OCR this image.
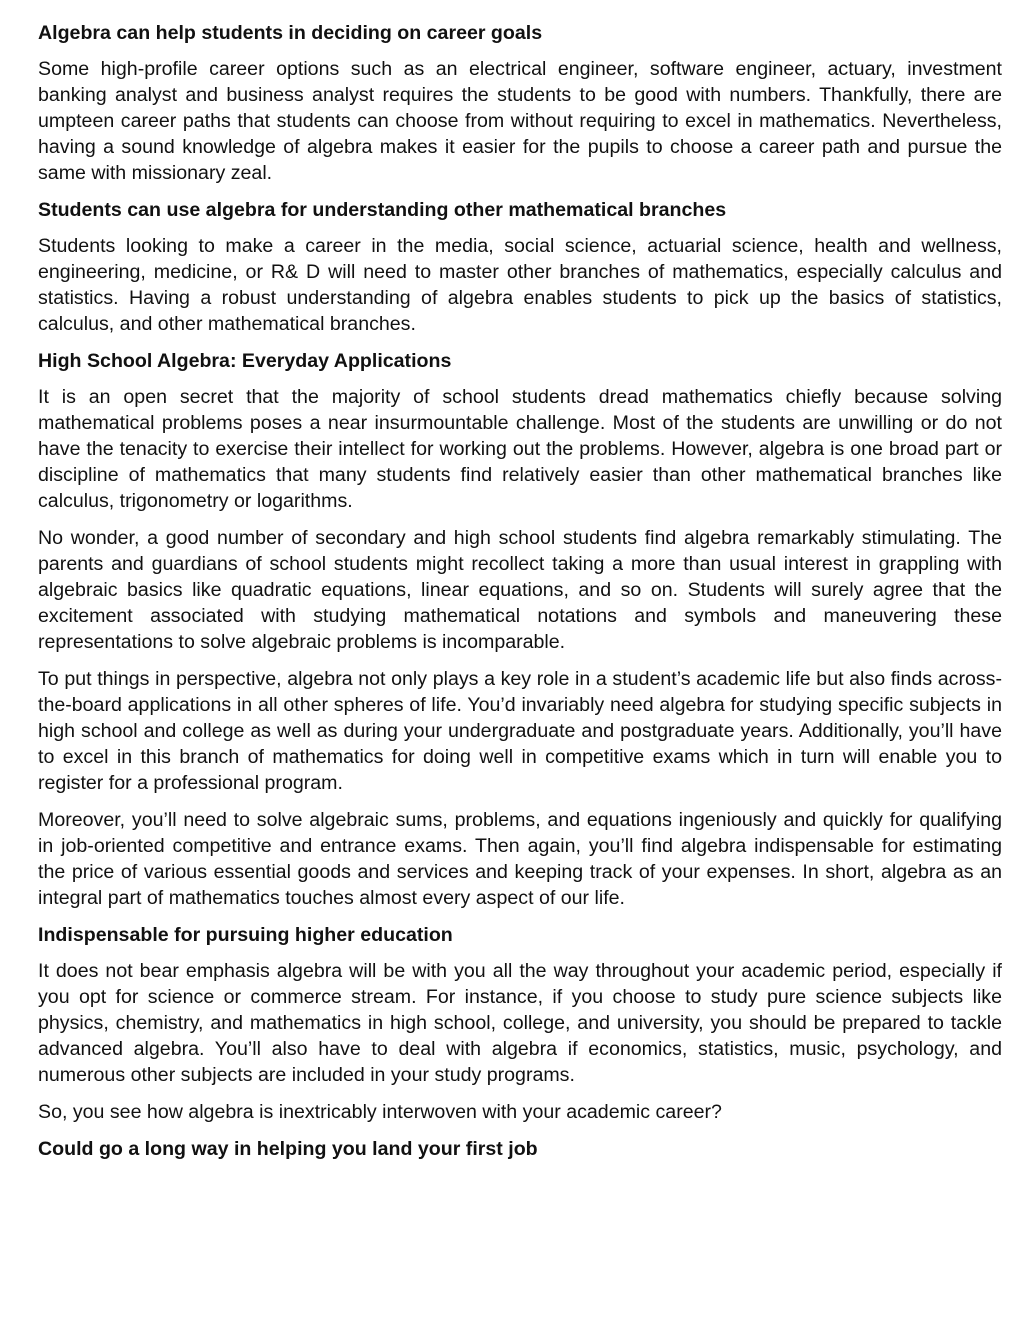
Algebra can help students in deciding on career goals

Some high-profile career options such as an electrical engineer, software engineer, actuary, investment banking analyst and business analyst requires the students to be good with numbers. Thankfully, there are umpteen career paths that students can choose from without requiring to excel in mathematics. Nevertheless, having a sound knowledge of algebra makes it easier for the pupils to choose a career path and pursue the same with missionary zeal.

Students can use algebra for understanding other mathematical branches

Students looking to make a career in the media, social science, actuarial science, health and wellness, engineering, medicine, or R& D will need to master other branches of mathematics, especially calculus and statistics. Having a robust understanding of algebra enables students to pick up the basics of statistics, calculus, and other mathematical branches.

High School Algebra: Everyday Applications

It is an open secret that the majority of school students dread mathematics chiefly because solving mathematical problems poses a near insurmountable challenge. Most of the students are unwilling or do not have the tenacity to exercise their intellect for working out the problems. However, algebra is one broad part or discipline of mathematics that many students find relatively easier than other mathematical branches like calculus, trigonometry or logarithms.

No wonder, a good number of secondary and high school students find algebra remarkably stimulating. The parents and guardians of school students might recollect taking a more than usual interest in grappling with algebraic basics like quadratic equations, linear equations, and so on. Students will surely agree that the excitement associated with studying mathematical notations and symbols and maneuvering these representations to solve algebraic problems is incomparable.

To put things in perspective, algebra not only plays a key role in a student’s academic life but also finds across-the-board applications in all other spheres of life. You’d invariably need algebra for studying specific subjects in high school and college as well as during your undergraduate and postgraduate years. Additionally, you’ll have to excel in this branch of mathematics for doing well in competitive exams which in turn will enable you to register for a professional program.

Moreover, you’ll need to solve algebraic sums, problems, and equations ingeniously and quickly for qualifying in job-oriented competitive and entrance exams. Then again, you’ll find algebra indispensable for estimating the price of various essential goods and services and keeping track of your expenses. In short, algebra as an integral part of mathematics touches almost every aspect of our life.

Indispensable for pursuing higher education

It does not bear emphasis algebra will be with you all the way throughout your academic period, especially if you opt for science or commerce stream. For instance, if you choose to study pure science subjects like physics, chemistry, and mathematics in high school, college, and university, you should be prepared to tackle advanced algebra. You’ll also have to deal with algebra if economics, statistics, music, psychology, and numerous other subjects are included in your study programs.

So, you see how algebra is inextricably interwoven with your academic career?

Could go a long way in helping you land your first job
